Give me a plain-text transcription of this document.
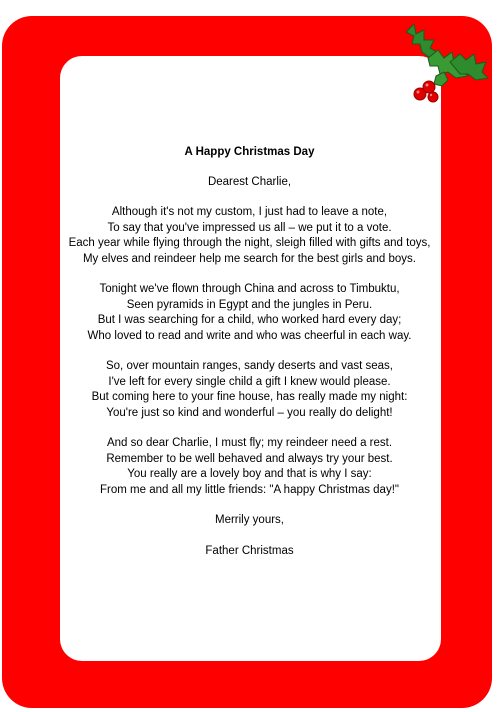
A Happy Christmas Day
Dearest Charlie,
Although it's not my custom, I just had to leave a note,
To say that you've impressed us all – we put it to a vote.
Each year while flying through the night, sleigh filled with gifts and toys,
My elves and reindeer help me search for the best girls and boys.
Tonight we've flown through China and across to Timbuktu,
Seen pyramids in Egypt and the jungles in Peru.
But I was searching for a child, who worked hard every day;
Who loved to read and write and who was cheerful in each way.
So, over mountain ranges, sandy deserts and vast seas,
I've left for every single child a gift I knew would please.
But coming here to your fine house, has really made my night:
You're just so kind and wonderful – you really do delight!
And so dear Charlie, I must fly; my reindeer need a rest.
Remember to be well behaved and always try your best.
You really are a lovely boy and that is why I say:
From me and all my little friends: "A happy Christmas day!"
Merrily yours,
Father Christmas
